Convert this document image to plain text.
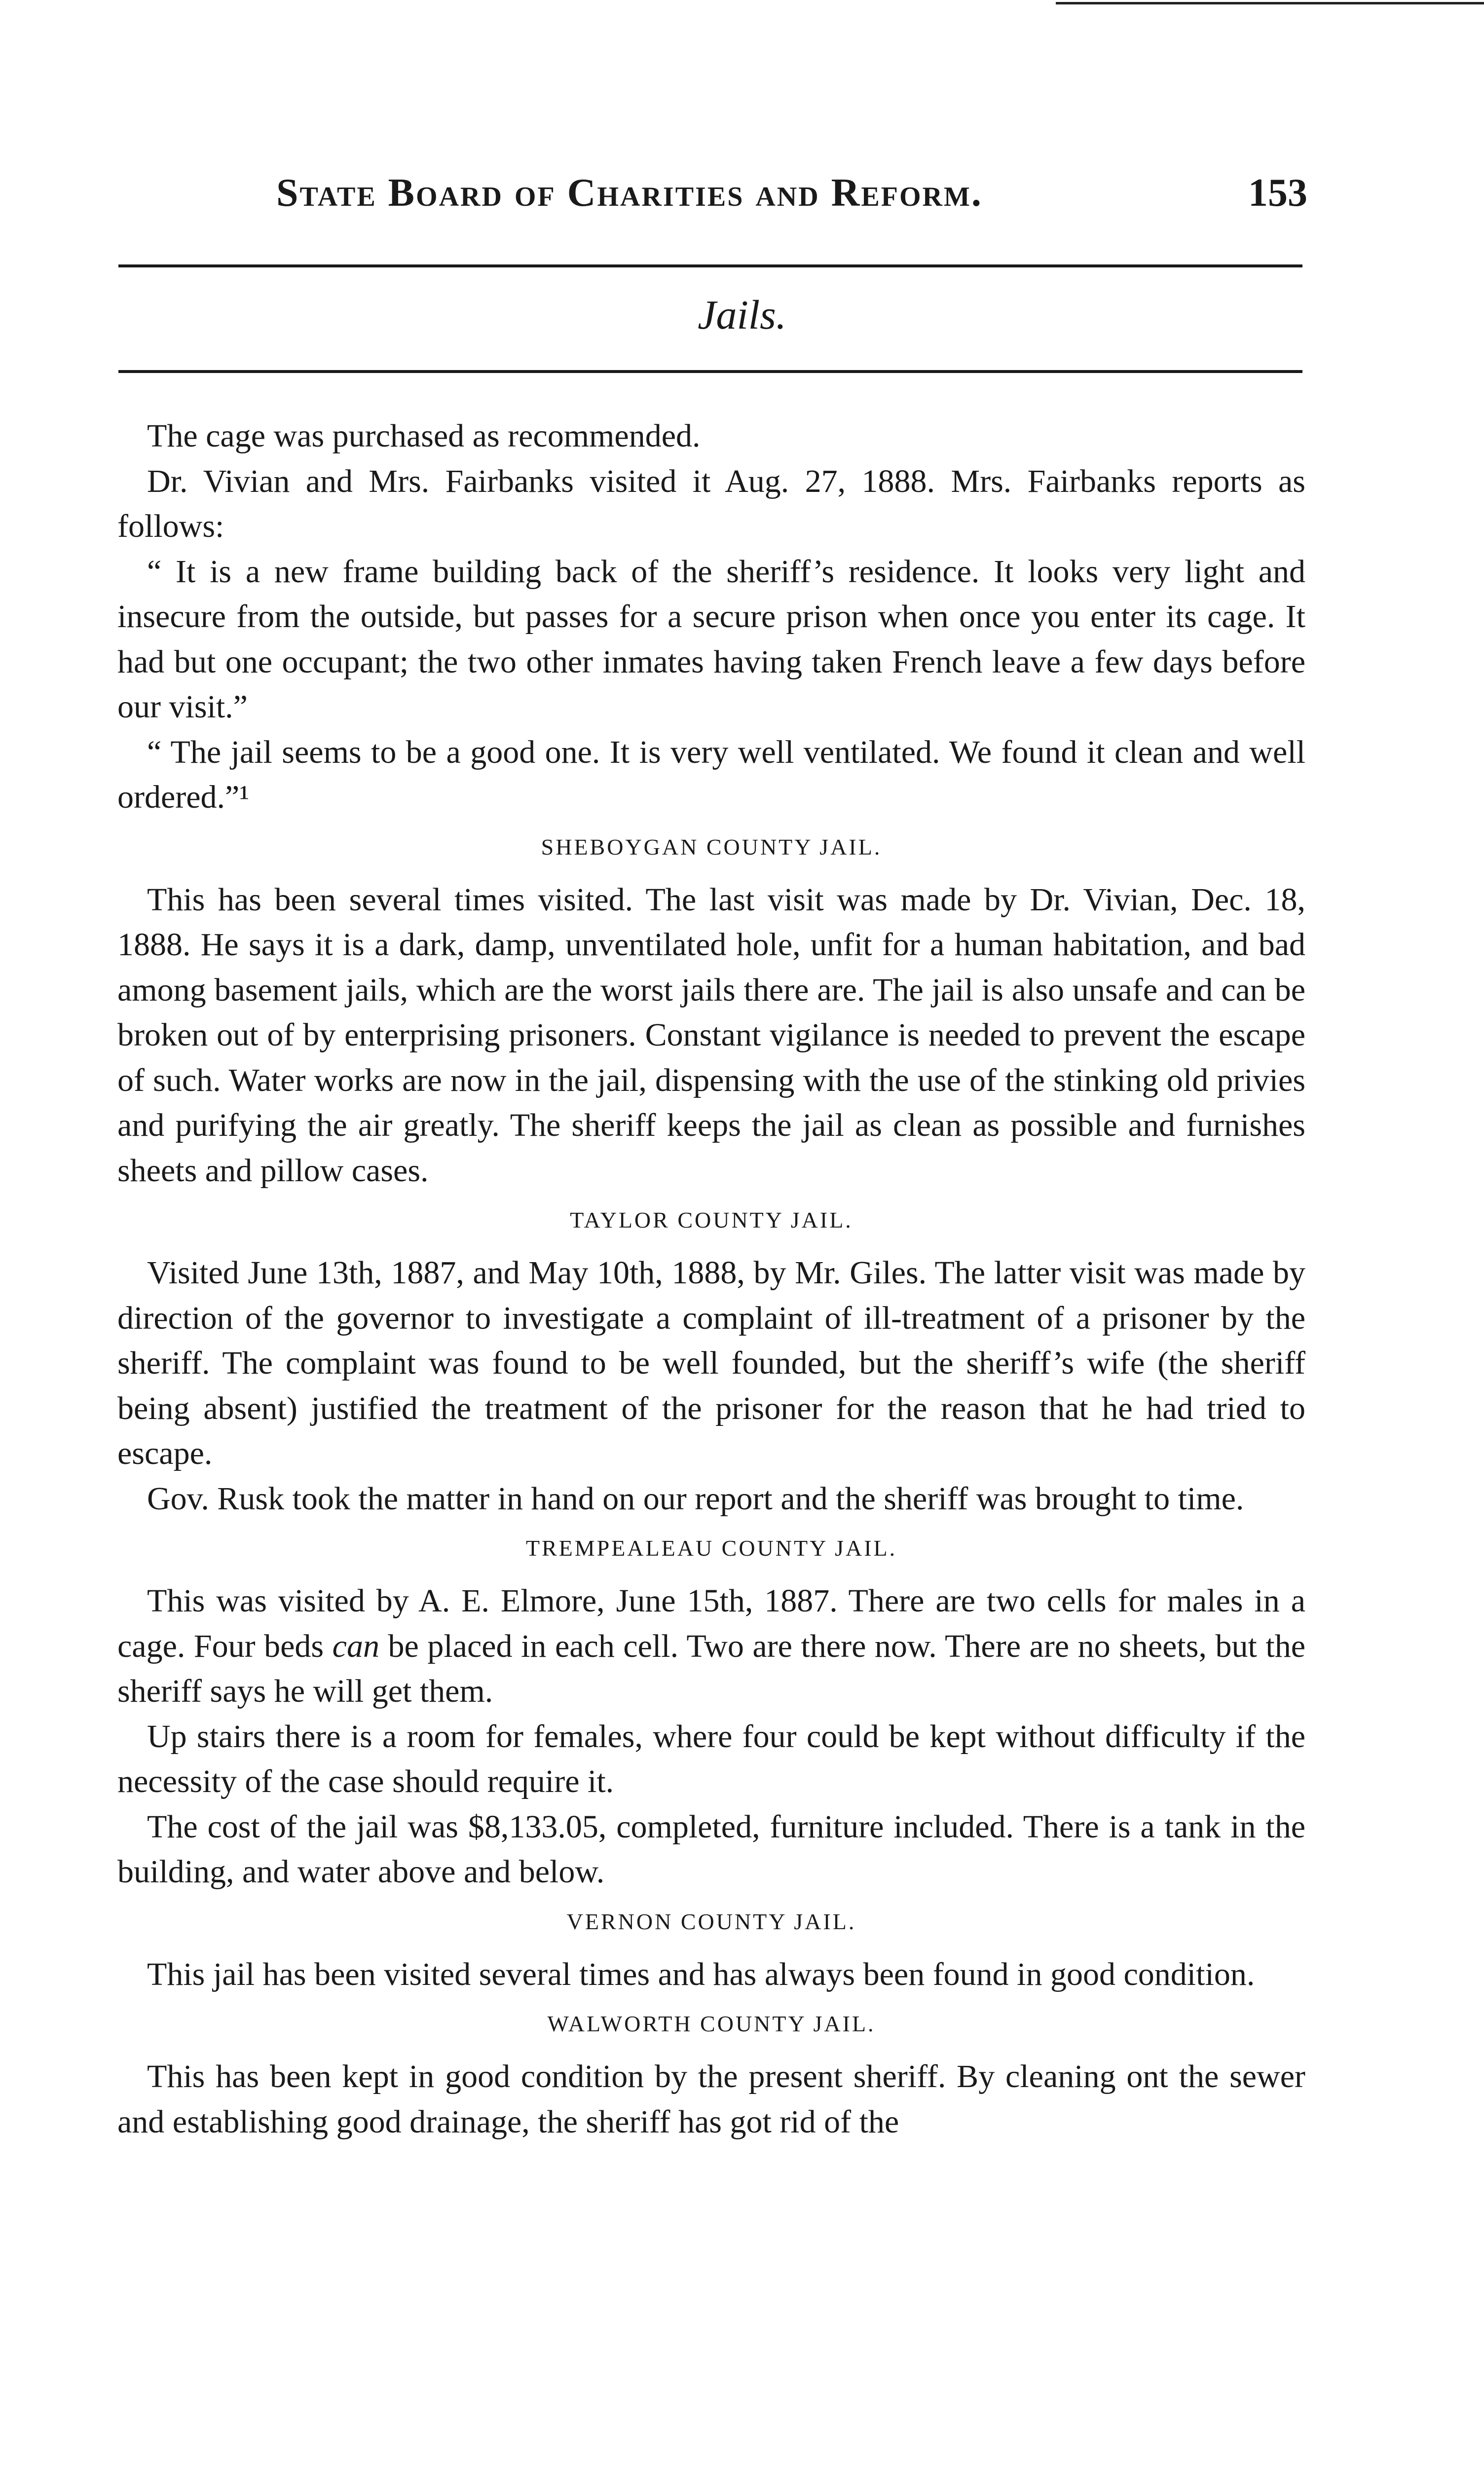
State Board of Charities and Reform.	153
Jails.

The cage was purchased as recommended.

Dr. Vivian and Mrs. Fairbanks visited it Aug. 27, 1888. Mrs. Fairbanks reports as follows:

“ It is a new frame building back of the sheriff’s residence. It looks very light and insecure from the outside, but passes for a secure prison when once you enter its cage. It had but one occupant; the two other inmates having taken French leave a few days before our visit.”

“ The jail seems to be a good one. It is very well ventilated. We found it clean and well ordered.”¹

SHEBOYGAN COUNTY JAIL.

This has been several times visited. The last visit was made by Dr. Vivian, Dec. 18, 1888. He says it is a dark, damp, unventilated hole, unfit for a human habitation, and bad among basement jails, which are the worst jails there are. The jail is also unsafe and can be broken out of by enterprising prisoners. Constant vigilance is needed to prevent the escape of such. Water works are now in the jail, dispensing with the use of the stinking old privies and purifying the air greatly. The sheriff keeps the jail as clean as possible and furnishes sheets and pillow cases.

TAYLOR COUNTY JAIL.

Visited June 13th, 1887, and May 10th, 1888, by Mr. Giles. The latter visit was made by direction of the governor to investigate a complaint of ill-treatment of a prisoner by the sheriff. The complaint was found to be well founded, but the sheriff’s wife (the sheriff being absent) justified the treatment of the prisoner for the reason that he had tried to escape.

Gov. Rusk took the matter in hand on our report and the sheriff was brought to time.

TREMPEALEAU COUNTY JAIL.

This was visited by A. E. Elmore, June 15th, 1887. There are two cells for males in a cage. Four beds can be placed in each cell. Two are there now. There are no sheets, but the sheriff says he will get them.

Up stairs there is a room for females, where four could be kept without difficulty if the necessity of the case should require it.

The cost of the jail was $8,133.05, completed, furniture included. There is a tank in the building, and water above and below.

VERNON COUNTY JAIL.

This jail has been visited several times and has always been found in good condition.

WALWORTH COUNTY JAIL.

This has been kept in good condition by the present sheriff. By cleaning ont the sewer and establishing good drainage, the sheriff has got rid of the
